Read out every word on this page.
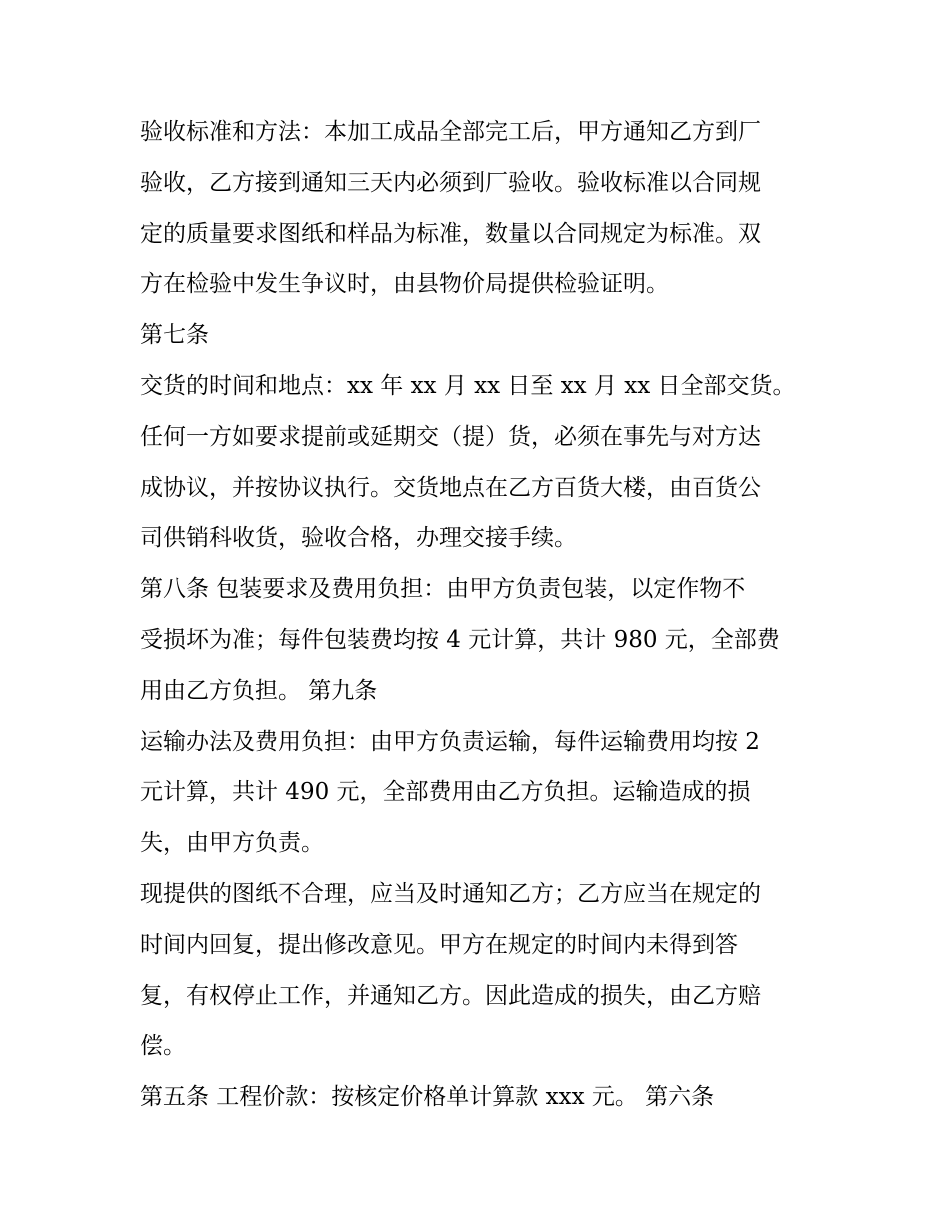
验收标准和方法：本加工成品全部完工后，甲方通知乙方到厂
验收，乙方接到通知三天内必须到厂验收。验收标准以合同规
定的质量要求图纸和样品为标准，数量以合同规定为标准。双
方在检验中发生争议时，由县物价局提供检验证明。
第七条
交货的时间和地点：xx 年 xx 月 xx 日至 xx 月 xx 日全部交货。
任何一方如要求提前或延期交（提）货，必须在事先与对方达
成协议，并按协议执行。交货地点在乙方百货大楼，由百货公
司供销科收货，验收合格，办理交接手续。
第八条 包装要求及费用负担：由甲方负责包装，以定作物不
受损坏为准；每件包装费均按 4 元计算，共计 980 元，全部费
用由乙方负担。 第九条
运输办法及费用负担：由甲方负责运输，每件运输费用均按 2
元计算，共计 490 元，全部费用由乙方负担。运输造成的损
失，由甲方负责。
现提供的图纸不合理，应当及时通知乙方；乙方应当在规定的
时间内回复，提出修改意见。甲方在规定的时间内未得到答
复，有权停止工作，并通知乙方。因此造成的损失，由乙方赔
偿。
第五条 工程价款：按核定价格单计算款 xxx 元。 第六条
